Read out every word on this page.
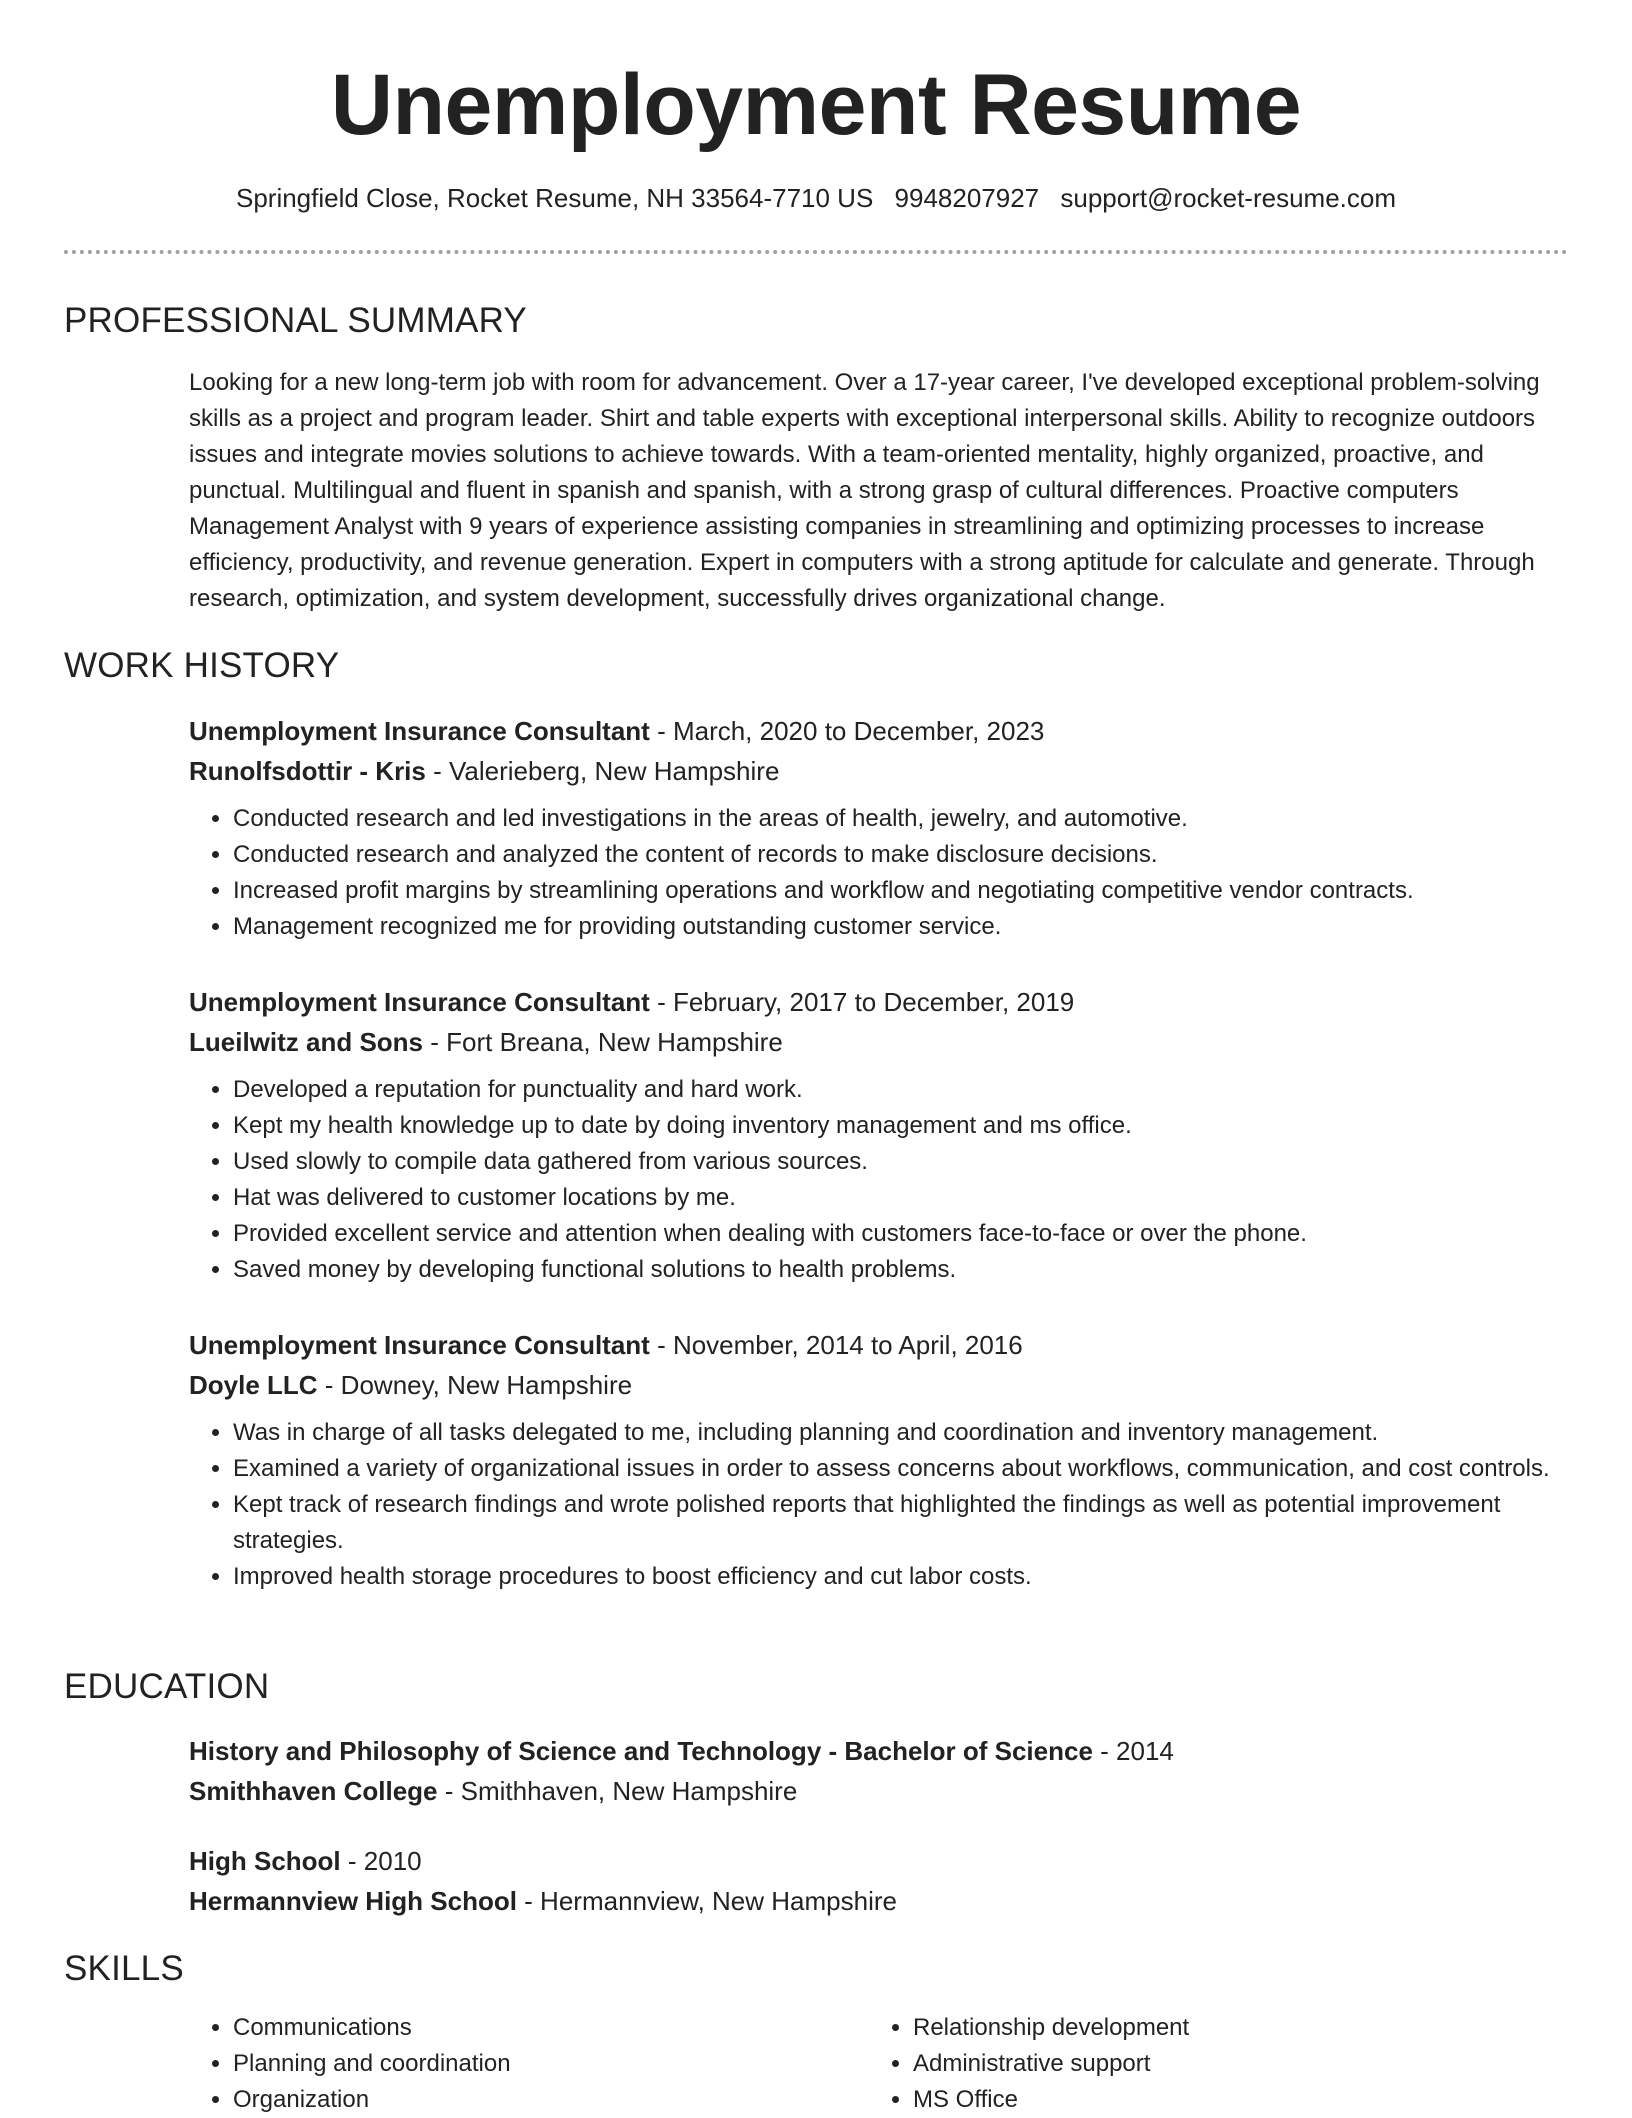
Unemployment Resume
Springfield Close, Rocket Resume, NH 33564-7710 US 9948207927 support@rocket-resume.com
PROFESSIONAL SUMMARY

Looking for a new long-term job with room for advancement. Over a 17-year career, I've developed exceptional problem-solving skills as a project and program leader. Shirt and table experts with exceptional interpersonal skills. Ability to recognize outdoors issues and integrate movies solutions to achieve towards. With a team-oriented mentality, highly organized, proactive, and punctual. Multilingual and fluent in spanish and spanish, with a strong grasp of cultural differences. Proactive computers Management Analyst with 9 years of experience assisting companies in streamlining and optimizing processes to increase efficiency, productivity, and revenue generation. Expert in computers with a strong aptitude for calculate and generate. Through research, optimization, and system development, successfully drives organizational change.

WORK HISTORY

Unemployment Insurance Consultant - March, 2020 to December, 2023

Runolfsdottir - Kris - Valerieberg, New Hampshire

• Conducted research and led investigations in the areas of health, jewelry, and automotive.
• Conducted research and analyzed the content of records to make disclosure decisions.
• Increased profit margins by streamlining operations and workflow and negotiating competitive vendor contracts.
• Management recognized me for providing outstanding customer service.

Unemployment Insurance Consultant - February, 2017 to December, 2019

Lueilwitz and Sons - Fort Breana, New Hampshire

• Developed a reputation for punctuality and hard work.
• Kept my health knowledge up to date by doing inventory management and ms office.
• Used slowly to compile data gathered from various sources.
• Hat was delivered to customer locations by me.
• Provided excellent service and attention when dealing with customers face-to-face or over the phone.
• Saved money by developing functional solutions to health problems.

Unemployment Insurance Consultant - November, 2014 to April, 2016

Doyle LLC - Downey, New Hampshire

• Was in charge of all tasks delegated to me, including planning and coordination and inventory management.
• Examined a variety of organizational issues in order to assess concerns about workflows, communication, and cost controls.
• Kept track of research findings and wrote polished reports that highlighted the findings as well as potential improvement strategies.
• Improved health storage procedures to boost efficiency and cut labor costs.
EDUCATION

History and Philosophy of Science and Technology - Bachelor of Science - 2014

Smithhaven College - Smithhaven, New Hampshire

High School - 2010

Hermannview High School - Hermannview, New Hampshire

SKILLS
• Communications
• Planning and coordination
• Organization
• Relationship development
• Administrative support
• MS Office
